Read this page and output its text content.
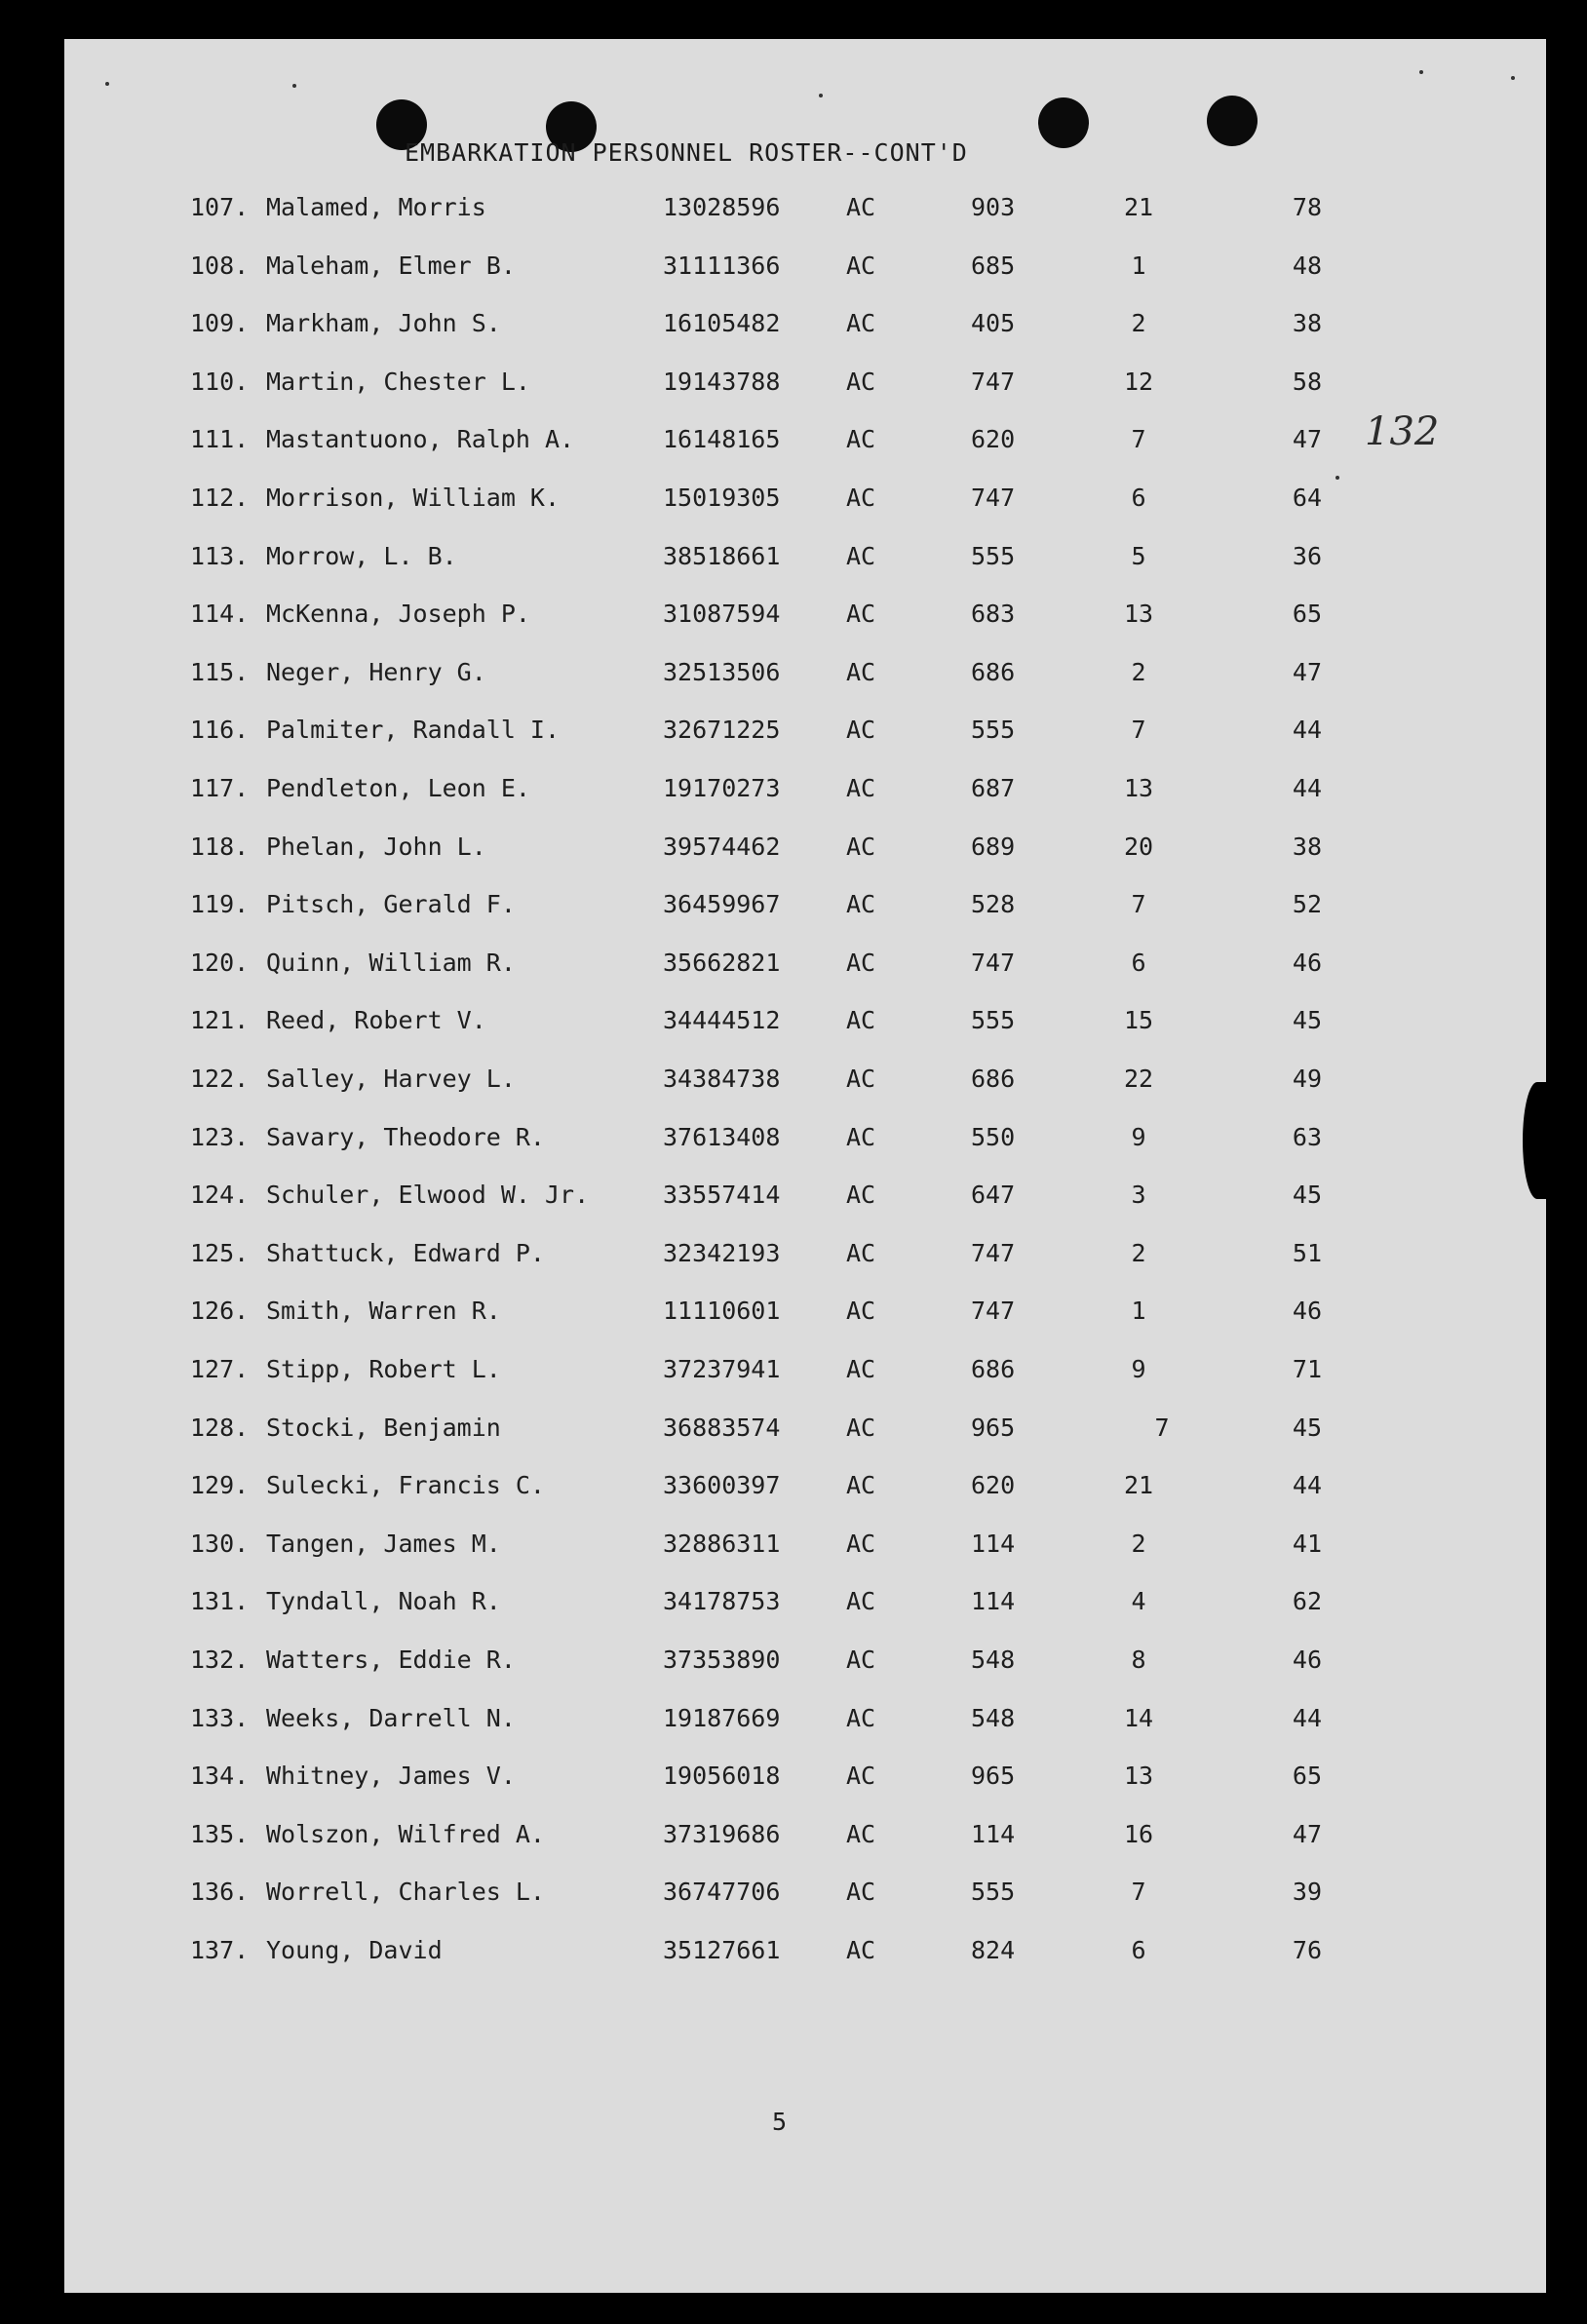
EMBARKATION PERSONNEL ROSTER--CONT'D
132
107. Malamed, Morris	13028596	AC	903	21	78
108. Maleham, Elmer B.	31111366	AC	685	1	48
109. Markham, John S.	16105482	AC	405	2	38
110. Martin, Chester L.	19143788	AC	747	12	58
111. Mastantuono, Ralph A.	16148165	AC	620	7	47
112. Morrison, William K.	15019305	AC	747	6	64
113. Morrow, L. B.	38518661	AC	555	5	36
114. McKenna, Joseph P.	31087594	AC	683	13	65
115. Neger, Henry G.	32513506	AC	686	2	47
116. Palmiter, Randall I.	32671225	AC	555	7	44
117. Pendleton, Leon E.	19170273	AC	687	13	44
118. Phelan, John L.	39574462	AC	689	20	38
119. Pitsch, Gerald F.	36459967	AC	528	7	52
120. Quinn, William R.	35662821	AC	747	6	46
121. Reed, Robert V.	34444512	AC	555	15	45
122. Salley, Harvey L.	34384738	AC	686	22	49
123. Savary, Theodore R.	37613408	AC	550	9	63
124. Schuler, Elwood W. Jr.	33557414	AC	647	3	45
125. Shattuck, Edward P.	32342193	AC	747	2	51
126. Smith, Warren R.	11110601	AC	747	1	46
127. Stipp, Robert L.	37237941	AC	686	9	71
128. Stocki, Benjamin	36883574	AC	965	7	45
129. Sulecki, Francis C.	33600397	AC	620	21	44
130. Tangen, James M.	32886311	AC	114	2	41
131. Tyndall, Noah R.	34178753	AC	114	4	62
132. Watters, Eddie R.	37353890	AC	548	8	46
133. Weeks, Darrell N.	19187669	AC	548	14	44
134. Whitney, James V.	19056018	AC	965	13	65
135. Wolszon, Wilfred A.	37319686	AC	114	16	47
136. Worrell, Charles L.	36747706	AC	555	7	39
137. Young, David	35127661	AC	824	6	76
5
